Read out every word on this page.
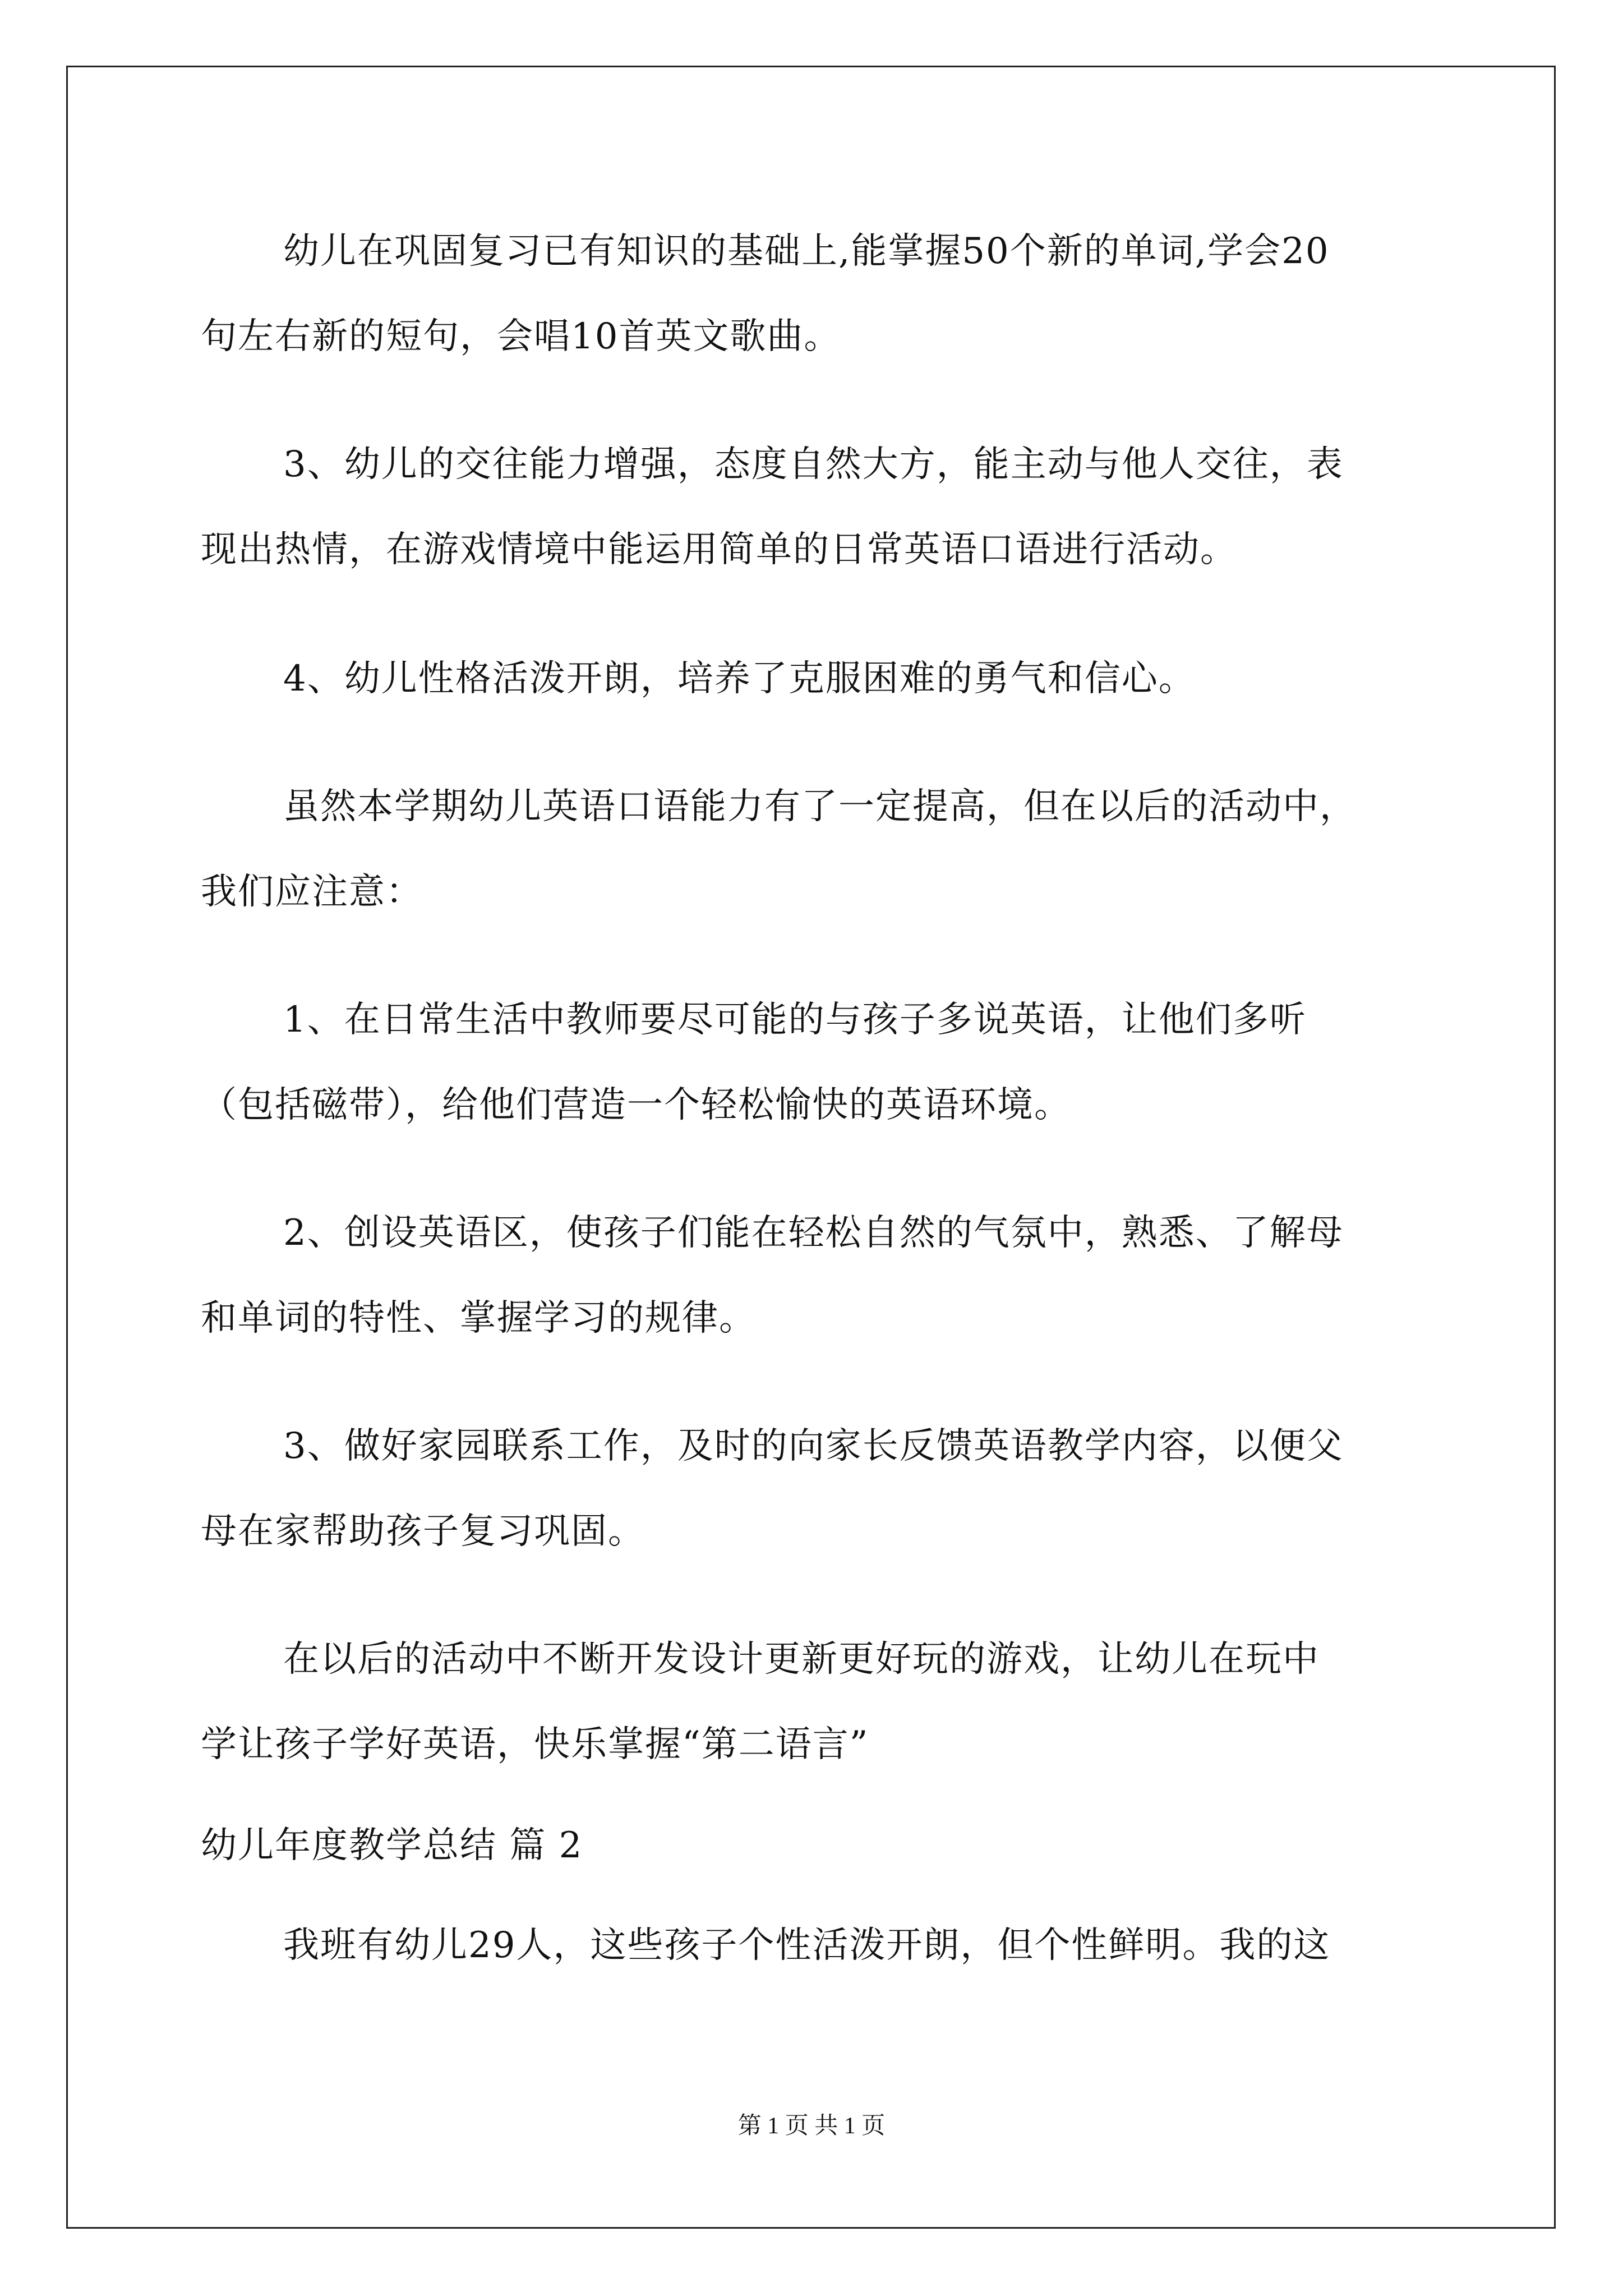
幼儿在巩固复习已有知识的基础上,能掌握50个新的单词,学会20
句左右新的短句，会唱10首英文歌曲。
3、幼儿的交往能力增强，态度自然大方，能主动与他人交往，表
现出热情，在游戏情境中能运用简单的日常英语口语进行活动。
4、幼儿性格活泼开朗，培养了克服困难的勇气和信心。
虽然本学期幼儿英语口语能力有了一定提高，但在以后的活动中，
我们应注意：
1、在日常生活中教师要尽可能的与孩子多说英语，让他们多听
（包括磁带），给他们营造一个轻松愉快的英语环境。
2、创设英语区，使孩子们能在轻松自然的气氛中，熟悉、了解母
和单词的特性、掌握学习的规律。
3、做好家园联系工作，及时的向家长反馈英语教学内容，以便父
母在家帮助孩子复习巩固。
在以后的活动中不断开发设计更新更好玩的游戏，让幼儿在玩中
学让孩子学好英语，快乐掌握“第二语言”
幼儿年度教学总结 篇 2
我班有幼儿29人，这些孩子个性活泼开朗，但个性鲜明。我的这
第 1 页 共 1 页
